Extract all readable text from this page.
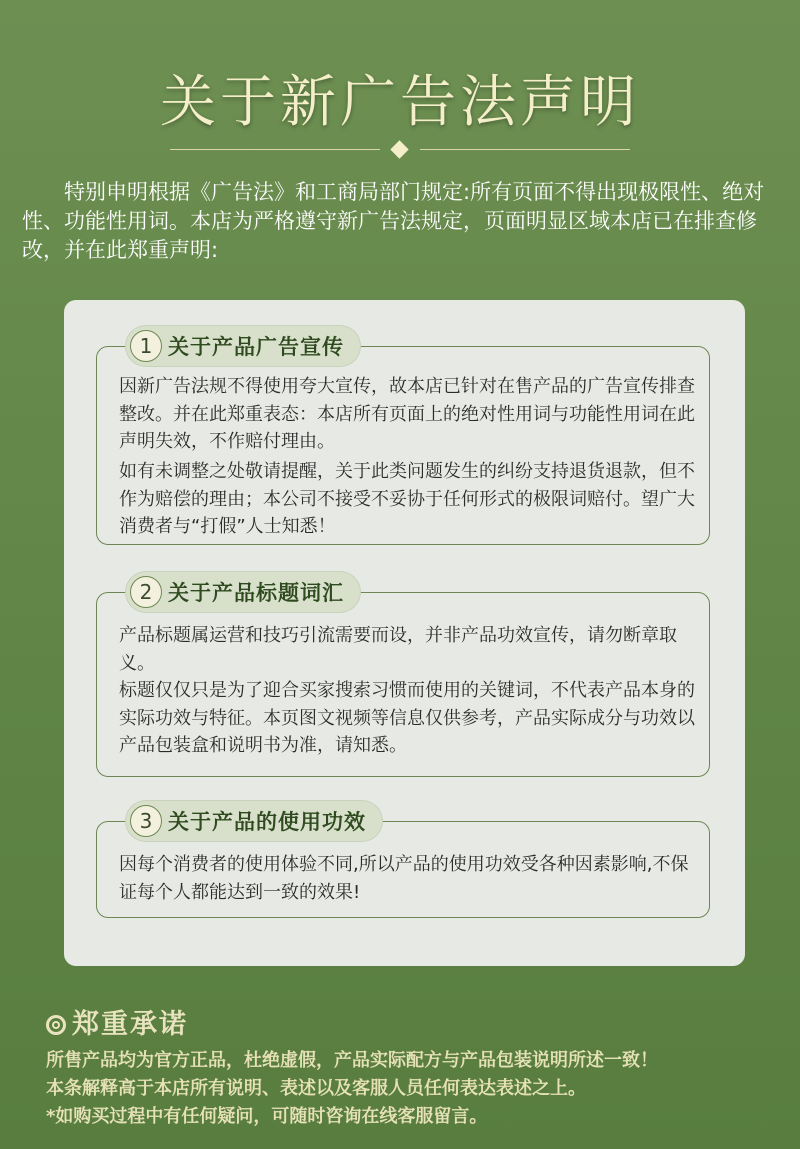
关于新广告法声明

特别申明根据《广告法》和工商局部门规定:所有页面不得出现极限性、绝对性、功能性用词。本店为严格遵守新广告法规定，页面明显区域本店已在排查修改，并在此郑重声明:

因新广告法规不得使用夸大宣传，故本店已针对在售产品的广告宣传排查整改。并在此郑重表态：本店所有页面上的绝对性用词与功能性用词在此声明失效，不作赔付理由。

如有未调整之处敬请提醒，关于此类问题发生的纠纷支持退货退款，但不作为赔偿的理由；本公司不接受不妥协于任何形式的极限词赔付。望广大消费者与“打假”人士知悉！

1 关于产品广告宣传

产品标题属运营和技巧引流需要而设，并非产品功效宣传，请勿断章取义。

标题仅仅只是为了迎合买家搜索习惯而使用的关键词，不代表产品本身的实际功效与特征。本页图文视频等信息仅供参考，产品实际成分与功效以产品包装盒和说明书为准，请知悉。

2 关于产品标题词汇

因每个消费者的使用体验不同,所以产品的使用功效受各种因素影响,不保证每个人都能达到一致的效果!

3 关于产品的使用功效
郑重承诺
所售产品均为官方正品，杜绝虚假，产品实际配方与产品包装说明所述一致！
本条解释高于本店所有说明、表述以及客服人员任何表达表述之上。
*如购买过程中有任何疑问，可随时咨询在线客服留言。
